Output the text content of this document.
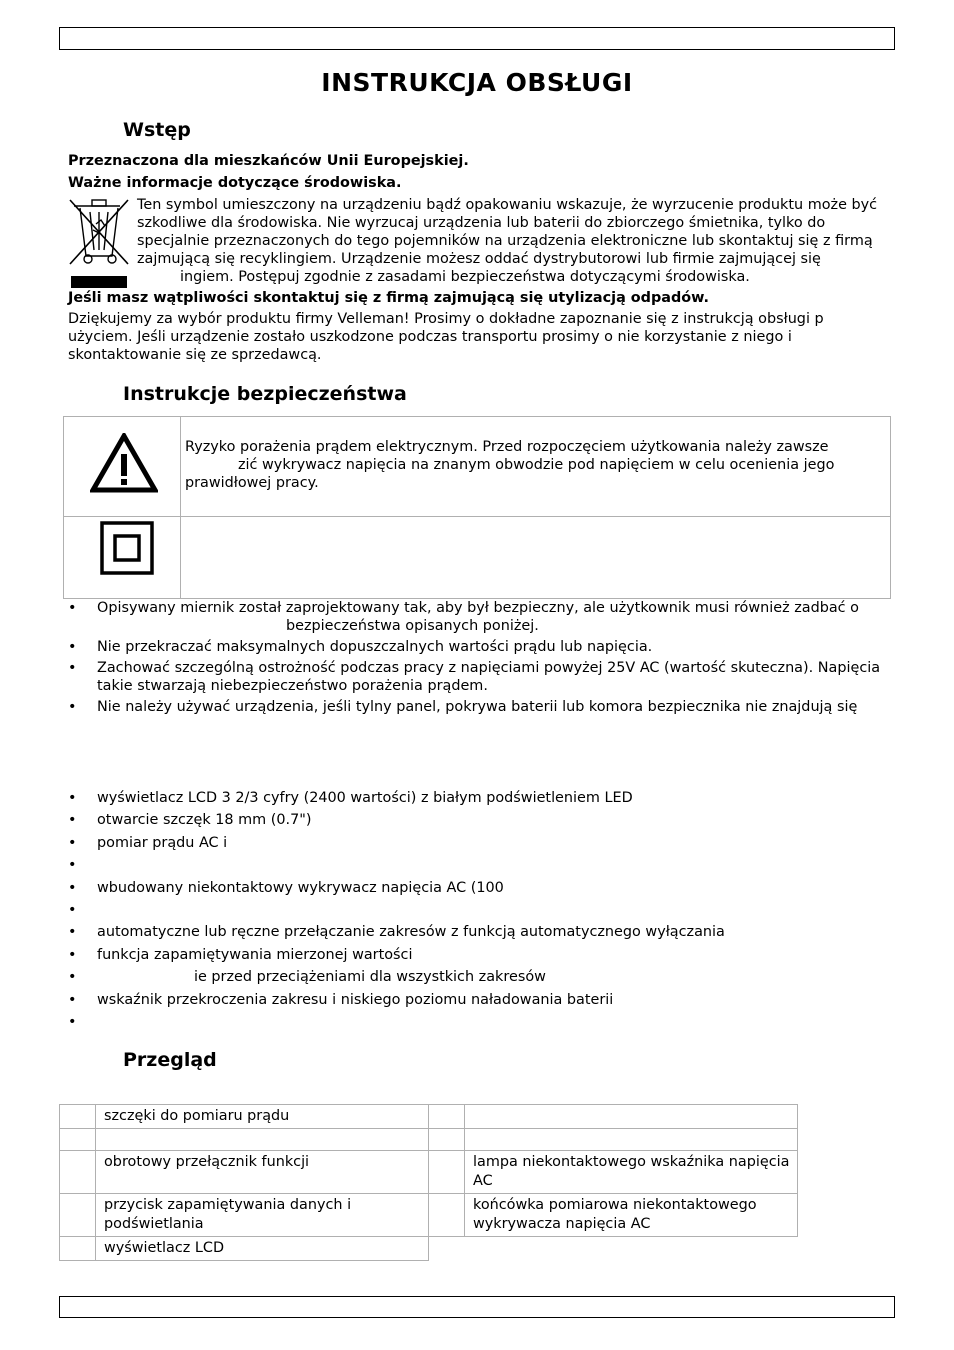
INSTRUKCJA OBSŁUGI
Wstęp
Przeznaczona dla mieszkańców Unii Europejskiej.
Ważne informacje dotyczące środowiska.
Ten symbol umieszczony na urządzeniu bądź opakowaniu wskazuje, że wyrzucenie produktu może być
szkodliwe dla środowiska. Nie wyrzucaj urządzenia lub baterii do zbiorczego śmietnika, tylko do
specjalnie przeznaczonych do tego pojemników na urządzenia elektroniczne lub skontaktuj się z firmą
zajmującą się recyklingiem. Urządzenie możesz oddać dystrybutorowi lub firmie zajmującej się
ingiem. Postępuj zgodnie z zasadami bezpieczeństwa dotyczącymi środowiska.
Jeśli masz wątpliwości skontaktuj się z firmą zajmującą się utylizacją odpadów.
Dziękujemy za wybór produktu firmy Velleman! Prosimy o dokładne zapoznanie się z instrukcją obsługi p
użyciem. Jeśli urządzenie zostało uszkodzone podczas transportu prosimy o nie korzystanie z niego i
skontaktowanie się ze sprzedawcą.
Instrukcje bezpieczeństwa

Ryzyko porażenia prądem elektrycznym. Przed rozpoczęciem użytkowania należy zawsze
zić wykrywacz napięcia na znanym obwodzie pod napięciem w celu ocenienia jego
prawidłowej pracy.

• Opisywany miernik został zaprojektowany tak, aby był bezpieczny, ale użytkownik musi również zadbać o
bezpieczeństwa opisanych poniżej.
• Nie przekraczać maksymalnych dopuszczalnych wartości prądu lub napięcia.
• Zachować szczególną ostrożność podczas pracy z napięciami powyżej 25V AC (wartość skuteczna). Napięcia
takie stwarzają niebezpieczeństwo porażenia prądem.
• Nie należy używać urządzenia, jeśli tylny panel, pokrywa baterii lub komora bezpiecznika nie znajdują się
• wyświetlacz LCD 3 2/3 cyfry (2400 wartości) z białym podświetleniem LED
• otwarcie szczęk 18 mm (0.7")
• pomiar prądu AC i
•
• wbudowany niekontaktowy wykrywacz napięcia AC (100
•
• automatyczne lub ręczne przełączanie zakresów z funkcją automatycznego wyłączania
• funkcja zapamiętywania mierzonej wartości
• ie przed przeciążeniami dla wszystkich zakresów
• wskaźnik przekroczenia zakresu i niskiego poziomu naładowania baterii
•
Przegląd
	szczęki do pomiaru prądu		

	obrotowy przełącznik funkcji		lampa niekontaktowego wskaźnika napięcia AC
	przycisk zapamiętywania danych i podświetlania		końcówka pomiarowa niekontaktowego wykrywacza napięcia AC
	wyświetlacz LCD		
